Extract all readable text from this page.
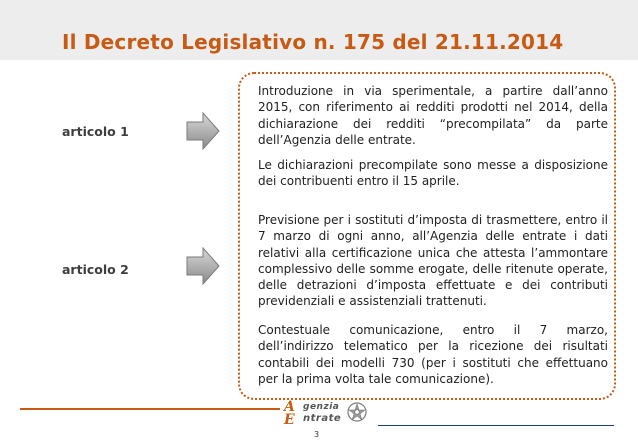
Il Decreto Legislativo n. 175 del 21.11.2014
articolo 1
articolo 2

Introduzione in via sperimentale, a partire dall’anno 2015, con riferimento ai redditi prodotti nel 2014, della dichiarazione dei redditi “precompilata” da parte dell’Agenzia delle entrate.

Le dichiarazioni precompilate sono messe a disposizione dei contribuenti entro il 15 aprile.

Previsione per i sostituti d’imposta di trasmettere, entro il 7 marzo di ogni anno, all’Agenzia delle entrate i dati relativi alla certificazione unica che attesta l’ammontare complessivo delle somme erogate, delle ritenute operate, delle detrazioni d’imposta effettuate e dei contributi previdenziali e assistenziali trattenuti.

Contestuale comunicazione, entro il 7 marzo, dell’indirizzo telematico per la ricezione dei risultati contabili dei modelli 730 (per i sostituti che effettuano per la prima volta tale comunicazione).

A
E
genzia
ntrate
3
